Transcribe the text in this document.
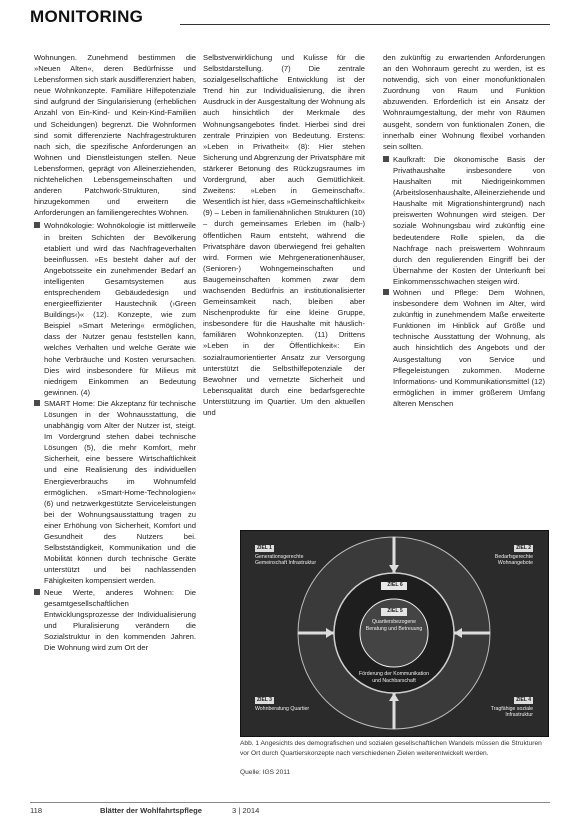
MONITORING

Wohnungen. Zunehmend bestimmen die »Neuen Alten«, deren Bedürfnisse und Lebensformen sich stark ausdifferenziert haben, neue Wohnkonzepte. Familiäre Hilfepotenziale sind aufgrund der Singularisierung (erheblichen Anzahl von Ein-Kind- und Kein-Kind-Familien und Scheidungen) begrenzt. Die Wohnformen sind somit differenzierte Nachfragestrukturen nach sich, die spezifische Anforderungen an Wohnen und Dienstleistungen stellen. Neue Lebensformen, geprägt von Alleinerziehenden, nichtehelichen Lebensgemeinschaften und anderen Patchwork-Strukturen, sind hinzugekommen und erweitern die Anforderungen an familiengerechtes Wohnen.

Wohnökologie: Wohnökologie ist mittlerweile in breiten Schichten der Bevölkerung etabliert und wird das Nachfrageverhalten beeinflussen. »Es besteht daher auf der Angebotsseite ein zunehmender Bedarf an intelligenten Gesamtsystemen aus entsprechendem Gebäudedesign und energieeffizienter Haustechnik (›Green Buildings‹)« (12). Konzepte, wie zum Beispiel »Smart Metering« ermöglichen, dass der Nutzer genau feststellen kann, welches Verhalten und welche Geräte wie hohe Verbräuche und Kosten verursachen. Dies wird insbesondere für Milieus mit niedrigem Einkommen an Bedeutung gewinnen. (4)
SMART Home: Die Akzeptanz für technische Lösungen in der Wohnausstattung, die unabhängig vom Alter der Nutzer ist, steigt. Im Vordergrund stehen dabei technische Lösungen (5), die mehr Komfort, mehr Sicherheit, eine bessere Wirtschaftlichkeit und eine Realisierung des individuellen Energieverbrauchs im Wohnumfeld ermöglichen. »Smart-Home-Technologien« (6) und netzwerkgestützte Serviceleistungen bei der Wohnungsausstattung tragen zu einer Erhöhung von Sicherheit, Komfort und Gesundheit des Nutzers bei. Selbstständigkeit, Kommunikation und die Mobilität können durch technische Geräte unterstützt und bei nachlassenden Fähigkeiten kompensiert werden.
Neue Werte, anderes Wohnen: Die gesamtgesellschaftlichen Entwicklungsprozesse der Individualisierung und Pluralisierung verändern die Sozialstruktur in den kommenden Jahren. Die Wohnung wird zum Ort der

Selbstverwirklichung und Kulisse für die Selbstdarstellung. (7) Die zentrale sozialgesellschaftliche Entwicklung ist der Trend hin zur Individualisierung, die ihren Ausdruck in der Ausgestaltung der Wohnung als auch hinsichtlich der Merkmale des Wohnungsangebotes findet. Hierbei sind drei zentrale Prinzipien von Bedeutung. Erstens: »Leben in Privatheit« (8): Hier stehen Sicherung und Abgrenzung der Privatsphäre mit stärkerer Betonung des Rückzugsraumes im Vordergrund, aber auch Gemütlichkeit. Zweitens: »Leben in Gemeinschaft«. Wesentlich ist hier, dass »Gemeinschaftlichkeit« (9) – Leben in familienähnlichen Strukturen (10) – durch gemeinsames Erleben im (halb-) öffentlichen Raum entsteht, während die Privatsphäre davon überwiegend frei gehalten wird. Formen wie Mehrgenerationenhäuser, (Senioren-) Wohngemeinschaften und Baugemeinschaften kommen zwar dem wachsenden Bedürfnis an institutionalisierter Gemeinsamkeit nach, bleiben aber Nischenprodukte für eine kleine Gruppe, insbesondere für die Haushalte mit häuslich-familiären Wohnkonzepten. (11) Drittens »Leben in der Öffentlichkeit«: Ein sozialraumorientierter Ansatz zur Versorgung unterstützt die Selbsthilfepotenziale der Bewohner und vernetzte Sicherheit und Lebensqualität durch eine bedarfsgerechte Unterstützung im Quartier. Um den aktuellen und

den zukünftig zu erwartenden Anforderungen an den Wohnraum gerecht zu werden, ist es notwendig, sich von einer monofunktionalen Zuordnung von Raum und Funktion abzuwenden. Erforderlich ist ein Ansatz der Wohnraumgestaltung, der mehr von Räumen ausgeht, sondern von funktionalen Zonen, die innerhalb einer Wohnung flexibel vorhanden sein sollten.

Kaufkraft: Die ökonomische Basis der Privathaushalte insbesondere von Haushalten mit Niedrigeinkommen (Arbeitslosenhaushalte, Alleinerziehende und Haushalte mit Migrationshintergrund) nach preiswerten Wohnungen wird steigen. Der soziale Wohnungsbau wird zukünftig eine bedeutendere Rolle spielen, da die Nachfrage nach preiswertem Wohnraum durch den regulierenden Eingriff bei der Übernahme der Kosten der Unterkunft bei Einkommensschwachen steigen wird.
Wohnen und Pflege: Dem Wohnen, insbesondere dem Wohnen im Alter, wird zukünftig in zunehmendem Maße erweiterte Funktionen im Hinblick auf Größe und technische Ausstattung der Wohnung, als auch hinsichtlich des Angebots und der Ausgestaltung von Service und Pflegeleistungen zukommen. Moderne Informations- und Kommunikationsmittel (12) ermöglichen in immer größerem Umfang älteren Menschen
ZIEL 1
Generationsgerechte Gemeinschaft Infrastruktur
ZIEL 2
Bedarfsgerechte Wohnangebote
ZIEL 3
Wohnberatung Quartier
ZIEL 4
Tragfähige soziale Infrastruktur
ZIEL 6
ZIEL 5
Quartiersbezogene Beratung und Betreuung
Förderung der Kommunikation und Nachbarschaft
Abb. 1 Angesichts des demografischen und sozialen gesellschaftlichen Wandels müssen die Strukturen vor Ort durch Quartierskonzepte nach verschiedenen Zielen weiterentwickelt werden.
Quelle: IGS 2011
118	Blätter der Wohlfahrtspflege	3 | 2014
